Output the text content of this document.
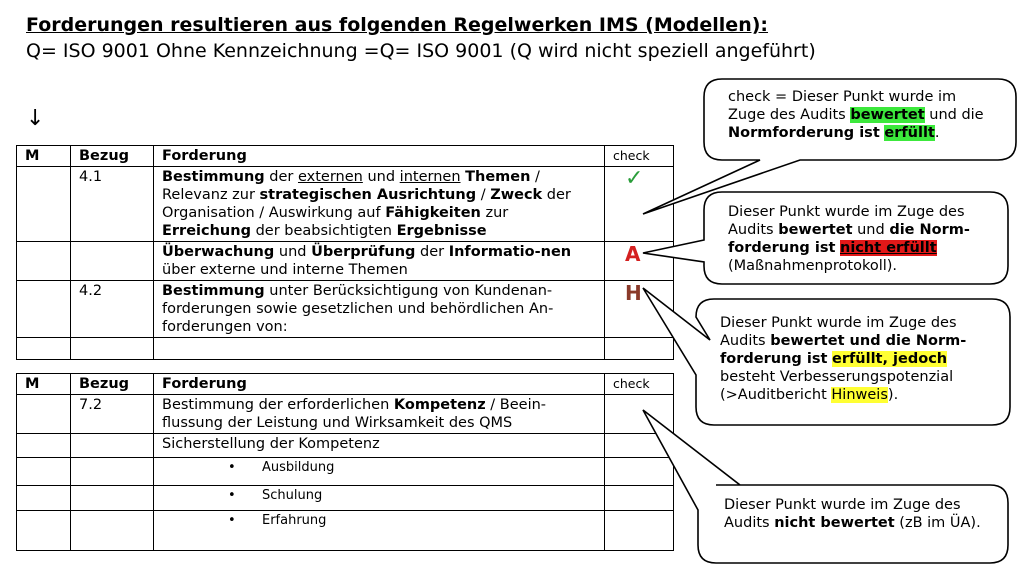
Forderungen resultieren aus folgenden Regelwerken IMS (Modellen):
Q= ISO 9001 Ohne Kennzeichnung =Q= ISO 9001 (Q wird nicht speziell angeführt)
↓
M	Bezug	Forderung	check
	4.1	Bestimmung der externen und internen Themen / Relevanz zur strategischen Ausrichtung / Zweck der Organisation / Auswirkung auf Fähigkeiten zur Erreichung der beabsichtigten Ergebnisse	✓
		Überwachung und Überprüfung der Informatio-nen über externe und interne Themen	A
	4.2	Bestimmung unter Berücksichtigung von Kundenan-forderungen sowie gesetzlichen und behördlichen An-forderungen von:	H

M	Bezug	Forderung	check
	7.2	Bestimmung der erforderlichen Kompetenz / Beein-flussung der Leistung und Wirksamkeit des QMS	
		Sicherstellung der Kompetenz	
		• Ausbildung	
		• Schulung	
		• Erfahrung	
check = Dieser Punkt wurde im Zuge des Audits bewertet und die Normforderung ist erfüllt.
Dieser Punkt wurde im Zuge des Audits bewertet und die Norm-forderung ist nicht erfüllt (Maßnahmenprotokoll).
Dieser Punkt wurde im Zuge des Audits bewertet und die Norm-forderung ist erfüllt, jedoch besteht Verbesserungspotenzial (>Auditbericht Hinweis).
Dieser Punkt wurde im Zuge des Audits nicht bewertet (zB im ÜA).
